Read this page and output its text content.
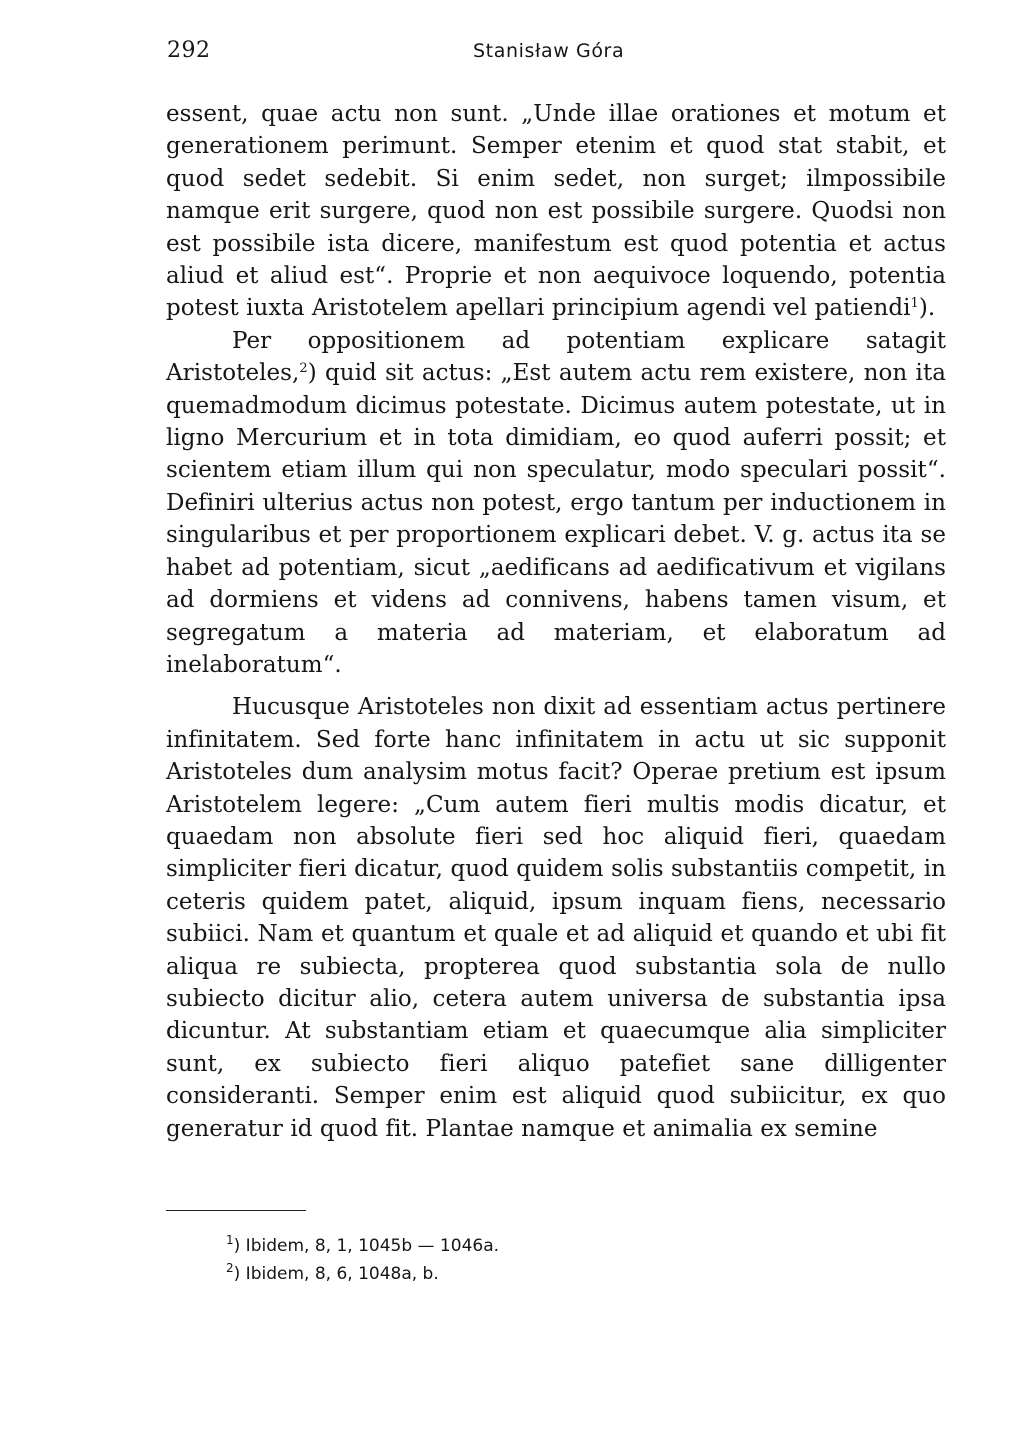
292	Stanisław Góra

essent, quae actu non sunt. „Unde illae orationes et motum et generationem perimunt. Semper etenim et quod stat stabit, et quod sedet sedebit. Si enim sedet, non surget; ilmpossibile namque erit surgere, quod non est possibile surgere. Quodsi non est possibile ista dicere, manifestum est quod potentia et actus aliud et aliud est“. Proprie et non aequivoce loquendo, potentia potest iuxta Aristotelem apellari principium agendi vel patiendi$^1$).

Per oppositionem ad potentiam explicare satagit Aristoteles,$^2$) quid sit actus: „Est autem actu rem existere, non ita quemadmodum dicimus potestate. Dicimus autem potestate, ut in ligno Mercurium et in tota dimidiam, eo quod auferri possit; et scientem etiam illum qui non speculatur, modo speculari possit“. Definiri ulterius actus non potest, ergo tantum per inductionem in singularibus et per proportionem explicari debet. V. g. actus ita se habet ad potentiam, sicut „aedificans ad aedificativum et vigilans ad dormiens et videns ad connivens, habens tamen visum, et segregatum a materia ad materiam, et elaboratum ad inelaboratum“.

Hucusque Aristoteles non dixit ad essentiam actus pertinere infinitatem. Sed forte hanc infinitatem in actu ut sic supponit Aristoteles dum analysim motus facit? Operae pretium est ipsum Aristotelem legere: „Cum autem fieri multis modis dicatur, et quaedam non absolute fieri sed hoc aliquid fieri, quaedam simpliciter fieri dicatur, quod quidem solis substantiis competit, in ceteris quidem patet, aliquid, ipsum inquam fiens, necessario subiici. Nam et quantum et quale et ad aliquid et quando et ubi fit aliqua re subiecta, propterea quod substantia sola de nullo subiecto dicitur alio, cetera autem universa de substantia ipsa dicuntur. At substantiam etiam et quaecumque alia simpliciter sunt, ex subiecto fieri aliquo patefiet sane dilligenter consideranti. Semper enim est aliquid quod subiicitur, ex quo generatur id quod fit. Plantae namque et animalia ex semine

$^1$) Ibidem, 8, 1, 1045b — 1046a.
$^2$) Ibidem, 8, 6, 1048a, b.
